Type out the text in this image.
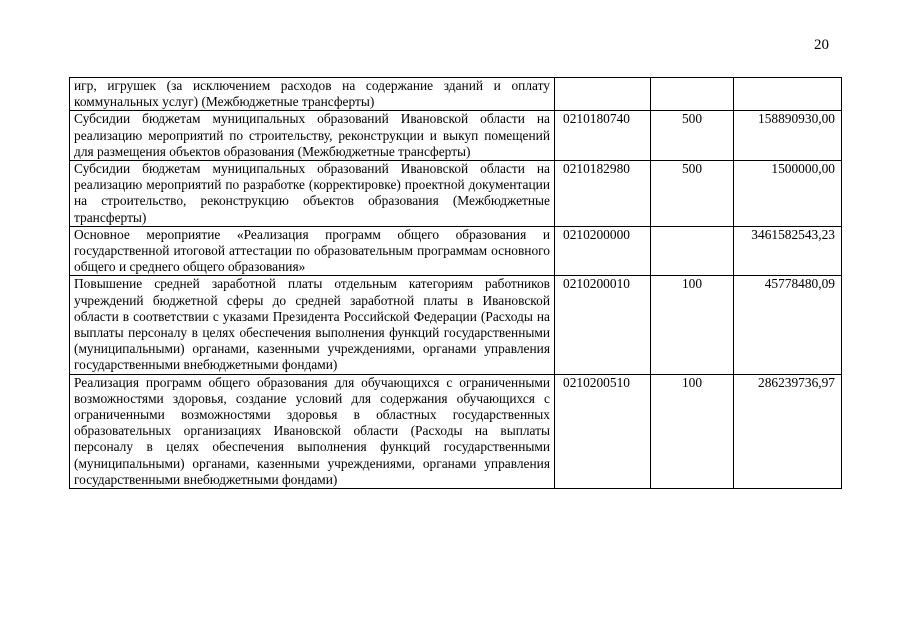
20
игр, игрушек (за исключением расходов на содержание зданий и оплату коммунальных услуг) (Межбюджетные трансферты)			
Субсидии бюджетам муниципальных образований Ивановской области на реализацию мероприятий по строительству, реконструкции и выкуп помещений для размещения объектов образования (Межбюджетные трансферты)	0210180740	500	158890930,00
Субсидии бюджетам муниципальных образований Ивановской области на реализацию мероприятий по разработке (корректировке) проектной документации на строительство, реконструкцию объектов образования (Межбюджетные трансферты)	0210182980	500	1500000,00
Основное мероприятие «Реализация программ общего образования и государственной итоговой аттестации по образовательным программам основного общего и среднего общего образования»	0210200000		3461582543,23
Повышение средней заработной платы отдельным категориям работников учреждений бюджетной сферы до средней заработной платы в Ивановской области в соответствии с указами Президента Российской Федерации (Расходы на выплаты персоналу в целях обеспечения выполнения функций государственными (муниципальными) органами, казенными учреждениями, органами управления государственными внебюджетными фондами)	0210200010	100	45778480,09
Реализация программ общего образования для обучающихся с ограниченными возможностями здоровья, создание условий для содержания обучающихся с ограниченными возможностями здоровья в областных государственных образовательных организациях Ивановской области (Расходы на выплаты персоналу в целях обеспечения выполнения функций государственными (муниципальными) органами, казенными учреждениями, органами управления государственными внебюджетными фондами)	0210200510	100	286239736,97
